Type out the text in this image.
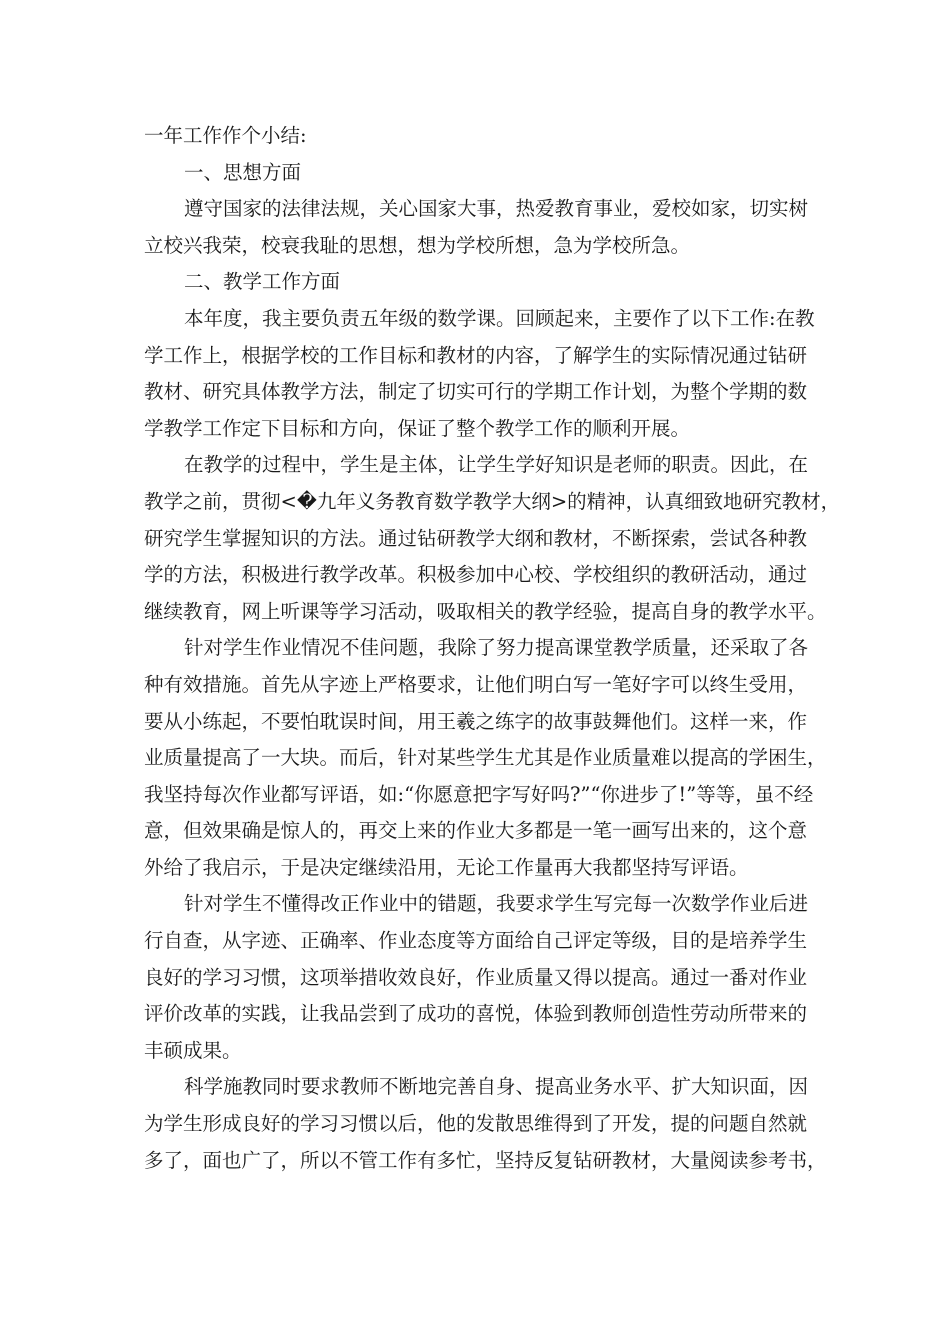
一年工作作个小结:

一、思想方面

遵守国家的法律法规，关心国家大事，热爱教育事业，爱校如家，切实树

立校兴我荣，校衰我耻的思想，想为学校所想，急为学校所急。

二、教学工作方面

本年度，我主要负责五年级的数学课。回顾起来，主要作了以下工作:在教

学工作上，根据学校的工作目标和教材的内容，了解学生的实际情况通过钻研

教材、研究具体教学方法，制定了切实可行的学期工作计划，为整个学期的数

学教学工作定下目标和方向，保证了整个教学工作的顺利开展。

在教学的过程中，学生是主体，让学生学好知识是老师的职责。因此，在

教学之前，贯彻<�九年义务教育数学教学大纲>的精神，认真细致地研究教材，

研究学生掌握知识的方法。通过钻研教学大纲和教材，不断探索，尝试各种教

学的方法，积极进行教学改革。积极参加中心校、学校组织的教研活动，通过

继续教育，网上听课等学习活动，吸取相关的教学经验，提高自身的教学水平。

针对学生作业情况不佳问题，我除了努力提高课堂教学质量，还采取了各

种有效措施。首先从字迹上严格要求，让他们明白写一笔好字可以终生受用，

要从小练起，不要怕耽误时间，用王羲之练字的故事鼓舞他们。这样一来，作

业质量提高了一大块。而后，针对某些学生尤其是作业质量难以提高的学困生，

我坚持每次作业都写评语，如:“你愿意把字写好吗?”“你进步了!”等等，虽不经

意，但效果确是惊人的，再交上来的作业大多都是一笔一画写出来的，这个意

外给了我启示，于是决定继续沿用，无论工作量再大我都坚持写评语。

针对学生不懂得改正作业中的错题，我要求学生写完每一次数学作业后进

行自查，从字迹、正确率、作业态度等方面给自己评定等级，目的是培养学生

良好的学习习惯，这项举措收效良好，作业质量又得以提高。通过一番对作业

评价改革的实践，让我品尝到了成功的喜悦，体验到教师创造性劳动所带来的

丰硕成果。

科学施教同时要求教师不断地完善自身、提高业务水平、扩大知识面，因

为学生形成良好的学习习惯以后，他的发散思维得到了开发，提的问题自然就

多了，面也广了，所以不管工作有多忙，坚持反复钻研教材，大量阅读参考书，
